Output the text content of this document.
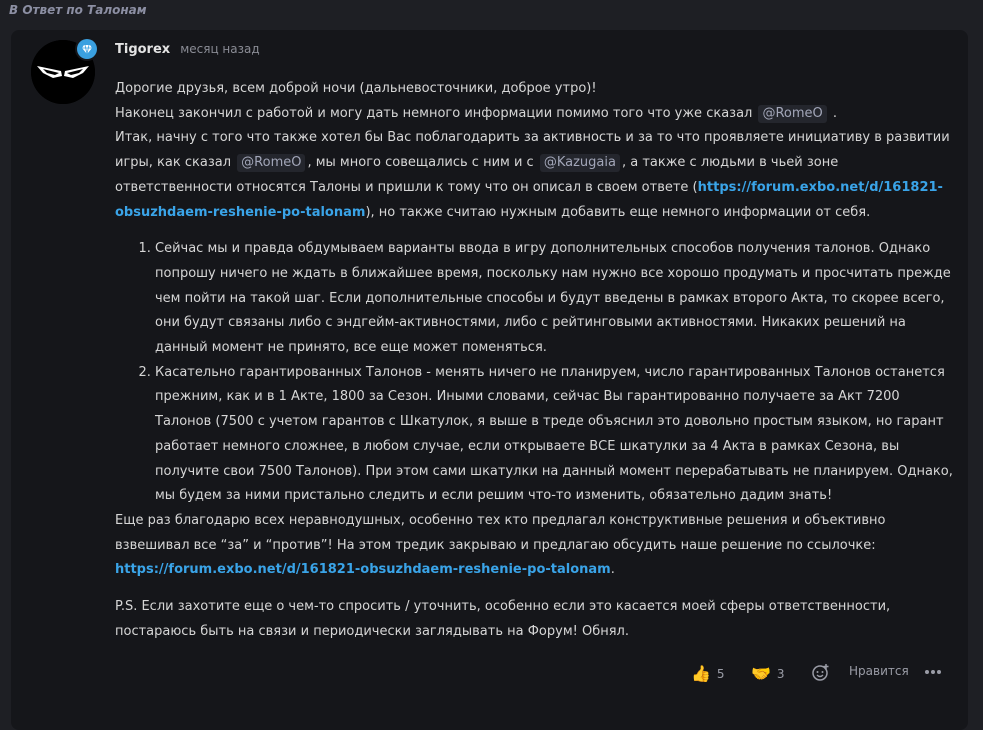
В Ответ по Талонам
Tigorex месяц назад

Дорогие друзья, всем доброй ночи (дальневосточники, доброе утро)!
Наконец закончил с работой и могу дать немного информации помимо того что уже сказал @RomeO .
Итак, начну с того что также хотел бы Вас поблагодарить за активность и за то что проявляете инициативу в развитии игры, как сказал @RomeO , мы много совещались с ним и с @Kazugaia , а также с людьми в чьей зоне ответственности относятся Талоны и пришли к тому что он описал в своем ответе (https://forum.exbo.net/d/161821-obsuzhdaem-reshenie-po-talonam), но также считаю нужным добавить еще немного информации от себя.

1. Сейчас мы и правда обдумываем варианты ввода в игру дополнительных способов получения талонов. Однако попрошу ничего не ждать в ближайшее время, поскольку нам нужно все хорошо продумать и просчитать прежде чем пойти на такой шаг. Если дополнительные способы и будут введены в рамках второго Акта, то скорее всего, они будут связаны либо с эндгейм-активностями, либо с рейтинговыми активностями. Никаких решений на данный момент не принято, все еще может поменяться.
2. Касательно гарантированных Талонов - менять ничего не планируем, число гарантированных Талонов останется прежним, как и в 1 Акте, 1800 за Сезон. Иными словами, сейчас Вы гарантированно получаете за Акт 7200 Талонов (7500 с учетом гарантов с Шкатулок, я выше в треде объяснил это довольно простым языком, но гарант работает немного сложнее, в любом случае, если открываете ВСЕ шкатулки за 4 Акта в рамках Сезона, вы получите свои 7500 Талонов). При этом сами шкатулки на данный момент перерабатывать не планируем. Однако, мы будем за ними пристально следить и если решим что-то изменить, обязательно дадим знать!

Еще раз благодарю всех неравнодушных, особенно тех кто предлагал конструктивные решения и объективно взвешивал все “за” и “против”! На этом тредик закрываю и предлагаю обсудить наше решение по ссылочке: https://forum.exbo.net/d/161821-obsuzhdaem-reshenie-po-talonam.

P.S. Если захотите еще о чем-то спросить / уточнить, особенно если это касается моей сферы ответственности, постараюсь быть на связи и периодически заглядывать на Форум! Обнял.

👍 5 🤝 3	Нравится
